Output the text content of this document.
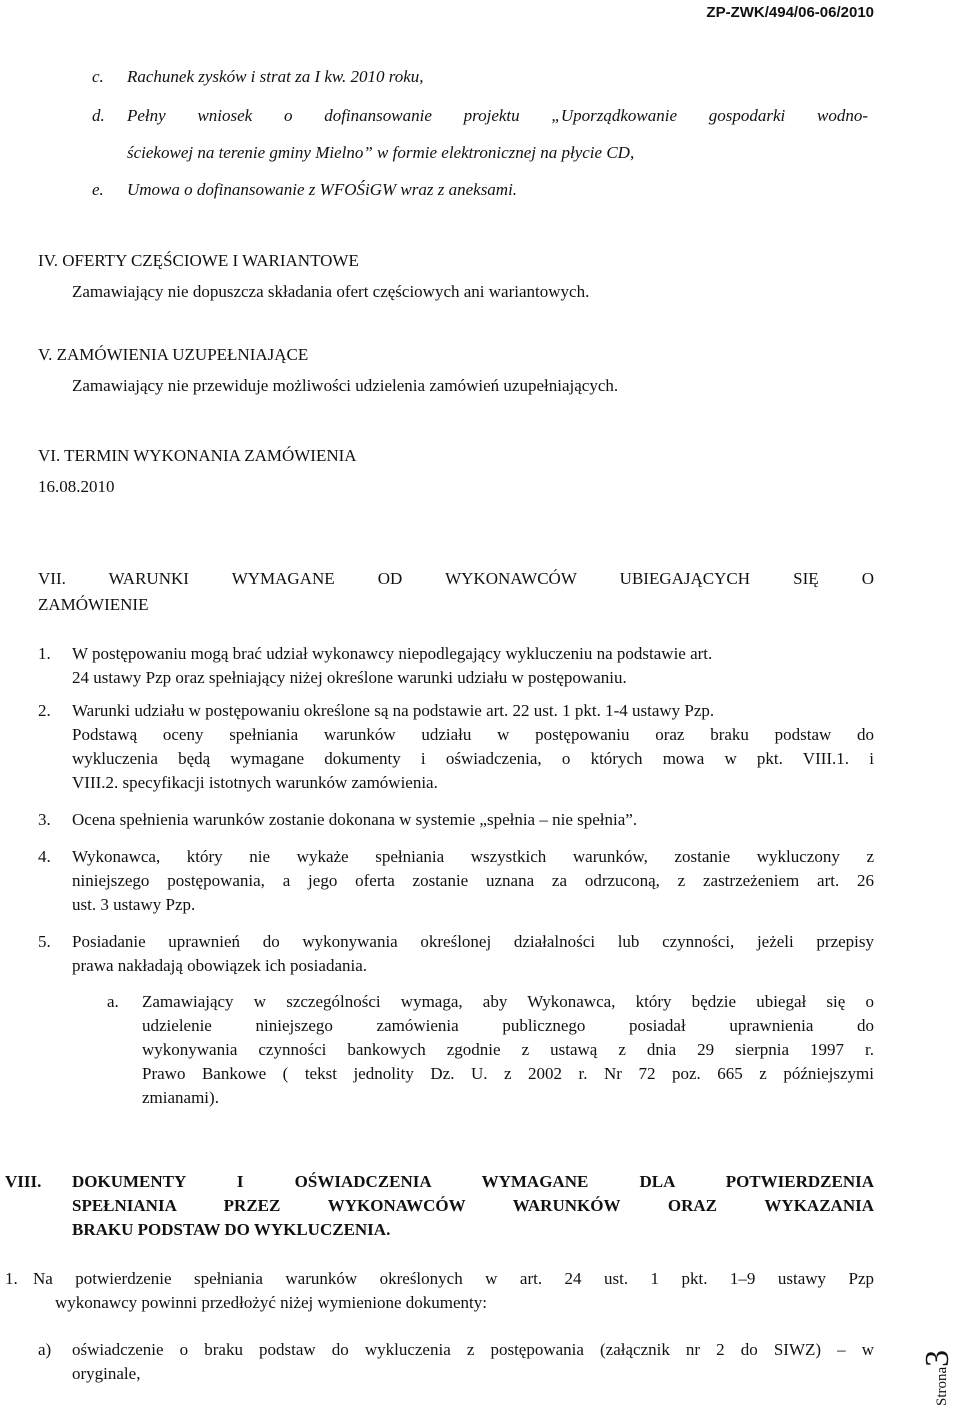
ZP-ZWK/494/06-06/2010
c. Rachunek zysków i strat za I kw. 2010 roku,
d. Pełny wniosek o dofinansowanie projektu „Uporządkowanie gospodarki wodno-
ściekowej na terenie gminy Mielno” w formie elektronicznej na płycie CD,
e. Umowa o dofinansowanie z WFOŚiGW wraz z aneksami.
IV. OFERTY CZĘŚCIOWE I WARIANTOWE
Zamawiający nie dopuszcza składania ofert częściowych ani wariantowych.
V. ZAMÓWIENIA UZUPEŁNIAJĄCE
Zamawiający nie przewiduje możliwości udzielenia zamówień uzupełniających.
VI. TERMIN WYKONANIA ZAMÓWIENIA
16.08.2010
VII. WARUNKI WYMAGANE OD WYKONAWCÓW UBIEGAJĄCYCH SIĘ O
ZAMÓWIENIE
1. W postępowaniu mogą brać udział wykonawcy niepodlegający wykluczeniu na podstawie art.
24 ustawy Pzp oraz spełniający niżej określone warunki udziału w postępowaniu.
2. Warunki udziału w postępowaniu określone są na podstawie art. 22 ust. 1 pkt. 1-4 ustawy Pzp.
Podstawą oceny spełniania warunków udziału w postępowaniu oraz braku podstaw do
wykluczenia będą wymagane dokumenty i oświadczenia, o których mowa w pkt. VIII.1. i
VIII.2. specyfikacji istotnych warunków zamówienia.
3. Ocena spełnienia warunków zostanie dokonana w systemie „spełnia – nie spełnia”.
4. Wykonawca, który nie wykaże spełniania wszystkich warunków, zostanie wykluczony z
niniejszego postępowania, a jego oferta zostanie uznana za odrzuconą, z zastrzeżeniem art. 26
ust. 3 ustawy Pzp.
5. Posiadanie uprawnień do wykonywania określonej działalności lub czynności, jeżeli przepisy
prawa nakładają obowiązek ich posiadania.
a. Zamawiający w szczególności wymaga, aby Wykonawca, który będzie ubiegał się o
udzielenie niniejszego zamówienia publicznego posiadał uprawnienia do
wykonywania czynności bankowych zgodnie z ustawą z dnia 29 sierpnia 1997 r.
Prawo Bankowe ( tekst jednolity Dz. U. z 2002 r. Nr 72 poz. 665 z późniejszymi
zmianami).
VIII. DOKUMENTY I OŚWIADCZENIA WYMAGANE DLA POTWIERDZENIA
SPEŁNIANIA PRZEZ WYKONAWCÓW WARUNKÓW ORAZ WYKAZANIA
BRAKU PODSTAW DO WYKLUCZENIA.
1. Na potwierdzenie spełniania warunków określonych w art. 24 ust. 1 pkt. 1–9 ustawy Pzp
wykonawcy powinni przedłożyć niżej wymienione dokumenty:
a) oświadczenie o braku podstaw do wykluczenia z postępowania (załącznik nr 2 do SIWZ) – w
oryginale,	Strona3
